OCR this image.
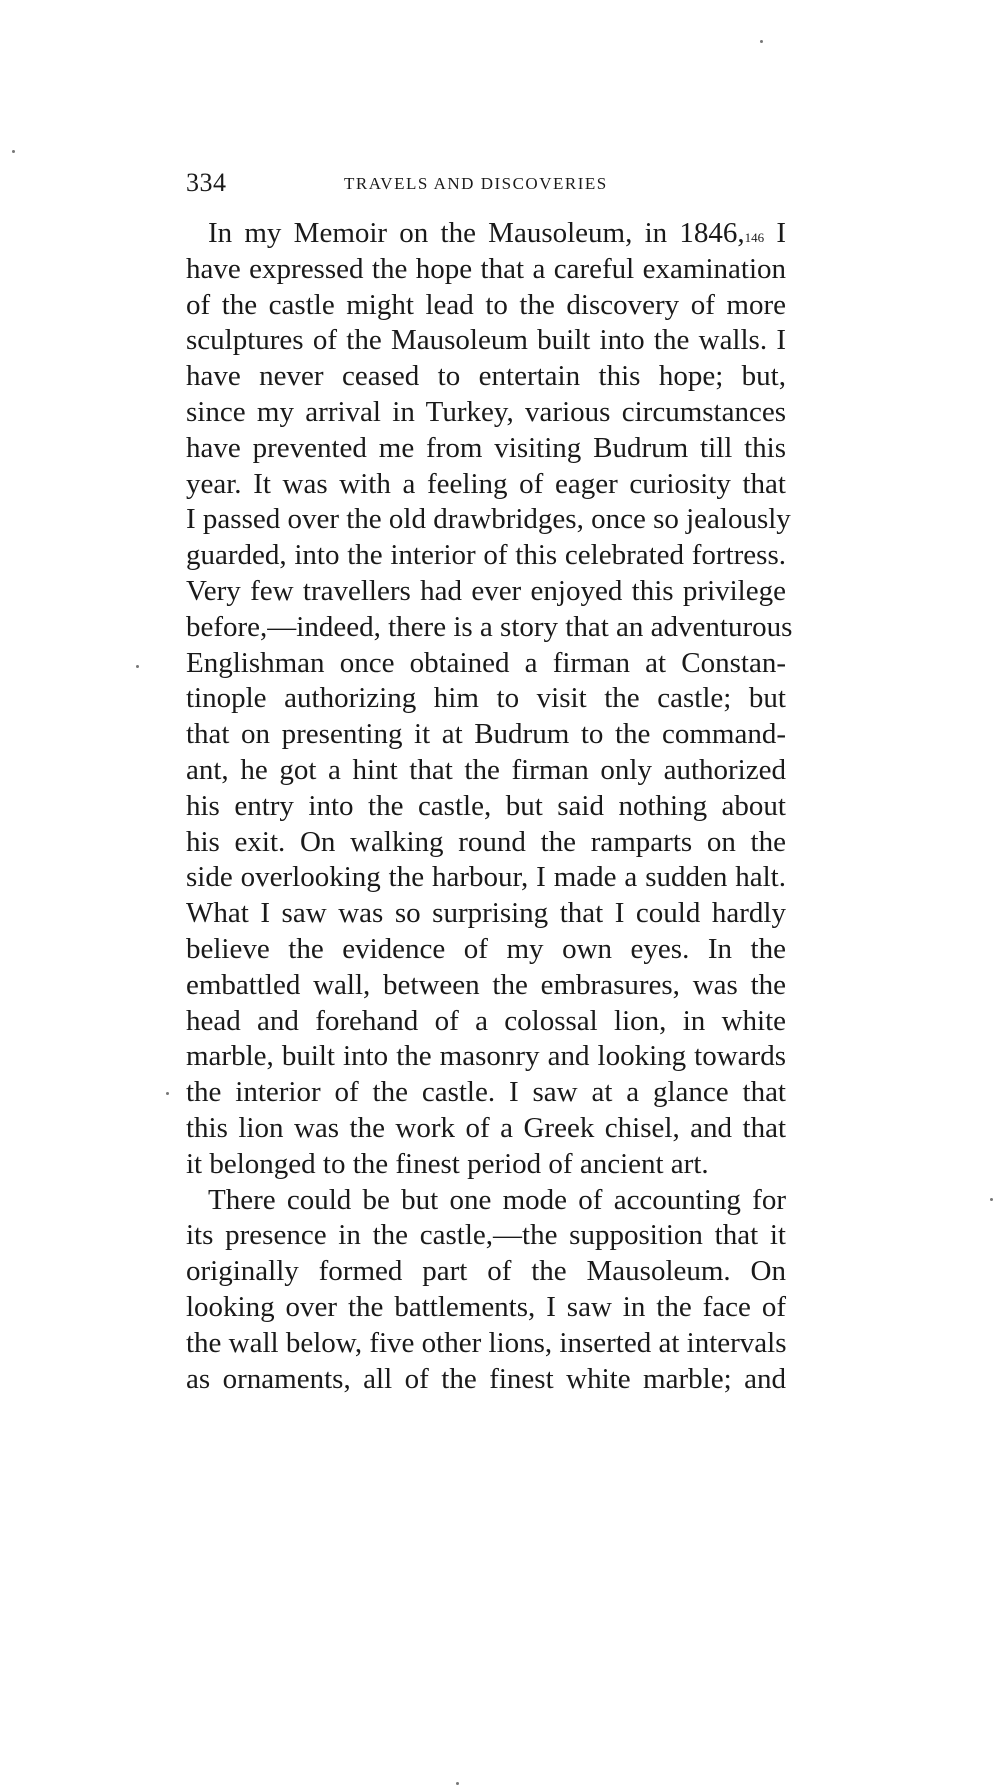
334	TRAVELS AND DISCOVERIES
In my Memoir on the Mausoleum, in 1846,$^{146}$ I
have expressed the hope that a careful examination
of the castle might lead to the discovery of more
sculptures of the Mausoleum built into the walls. I
have never ceased to entertain this hope; but,
since my arrival in Turkey, various circumstances
have prevented me from visiting Budrum till this
year. It was with a feeling of eager curiosity that
I passed over the old drawbridges, once so jealously
guarded, into the interior of this celebrated fortress.
Very few travellers had ever enjoyed this privilege
before,—indeed, there is a story that an adventurous
Englishman once obtained a firman at Constan-
tinople authorizing him to visit the castle; but
that on presenting it at Budrum to the command-
ant, he got a hint that the firman only authorized
his entry into the castle, but said nothing about
his exit. On walking round the ramparts on the
side overlooking the harbour, I made a sudden halt.
What I saw was so surprising that I could hardly
believe the evidence of my own eyes. In the
embattled wall, between the embrasures, was the
head and forehand of a colossal lion, in white
marble, built into the masonry and looking towards
the interior of the castle. I saw at a glance that
this lion was the work of a Greek chisel, and that
it belonged to the finest period of ancient art.
There could be but one mode of accounting for
its presence in the castle,—the supposition that it
originally formed part of the Mausoleum. On
looking over the battlements, I saw in the face of
the wall below, five other lions, inserted at intervals
as ornaments, all of the finest white marble; and
